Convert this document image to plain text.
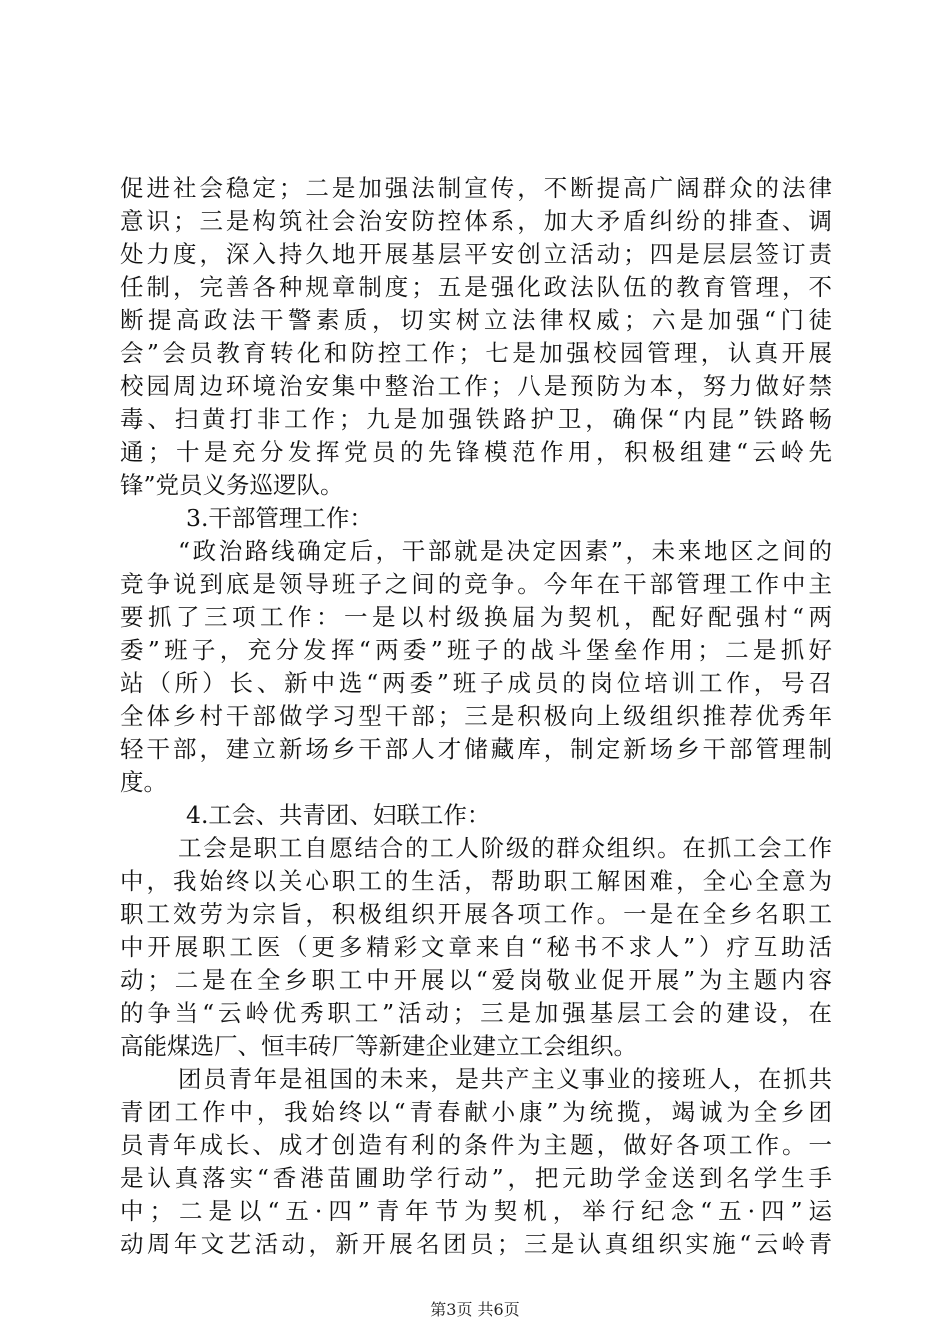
促进社会稳定；二是加强法制宣传，不断提高广阔群众的法律
意识；三是构筑社会治安防控体系，加大矛盾纠纷的排查、调
处力度，深入持久地开展基层平安创立活动；四是层层签订责
任制，完善各种规章制度；五是强化政法队伍的教育管理，不
断提高政法干警素质，切实树立法律权威；六是加强“门徒
会”会员教育转化和防控工作；七是加强校园管理，认真开展
校园周边环境治安集中整治工作；八是预防为本，努力做好禁
毒、扫黄打非工作；九是加强铁路护卫，确保“内昆”铁路畅
通；十是充分发挥党员的先锋模范作用，积极组建“云岭先
锋”党员义务巡逻队。
3.干部管理工作：
“政治路线确定后，干部就是决定因素”，未来地区之间的
竞争说到底是领导班子之间的竞争。今年在干部管理工作中主
要抓了三项工作：一是以村级换届为契机，配好配强村“两
委”班子，充分发挥“两委”班子的战斗堡垒作用；二是抓好
站（所）长、新中选“两委”班子成员的岗位培训工作，号召
全体乡村干部做学习型干部；三是积极向上级组织推荐优秀年
轻干部，建立新场乡干部人才储藏库，制定新场乡干部管理制
度。
4.工会、共青团、妇联工作：
工会是职工自愿结合的工人阶级的群众组织。在抓工会工作
中，我始终以关心职工的生活，帮助职工解困难，全心全意为
职工效劳为宗旨，积极组织开展各项工作。一是在全乡名职工
中开展职工医（更多精彩文章来自“秘书不求人”）疗互助活
动；二是在全乡职工中开展以“爱岗敬业促开展”为主题内容
的争当“云岭优秀职工”活动；三是加强基层工会的建设，在
高能煤选厂、恒丰砖厂等新建企业建立工会组织。
团员青年是祖国的未来，是共产主义事业的接班人，在抓共
青团工作中，我始终以“青春献小康”为统揽，竭诚为全乡团
员青年成长、成才创造有利的条件为主题，做好各项工作。一
是认真落实“香港苗圃助学行动”，把元助学金送到名学生手
中；二是以“五·四”青年节为契机，举行纪念“五·四”运
动周年文艺活动，新开展名团员；三是认真组织实施“云岭青
第3页 共6页
